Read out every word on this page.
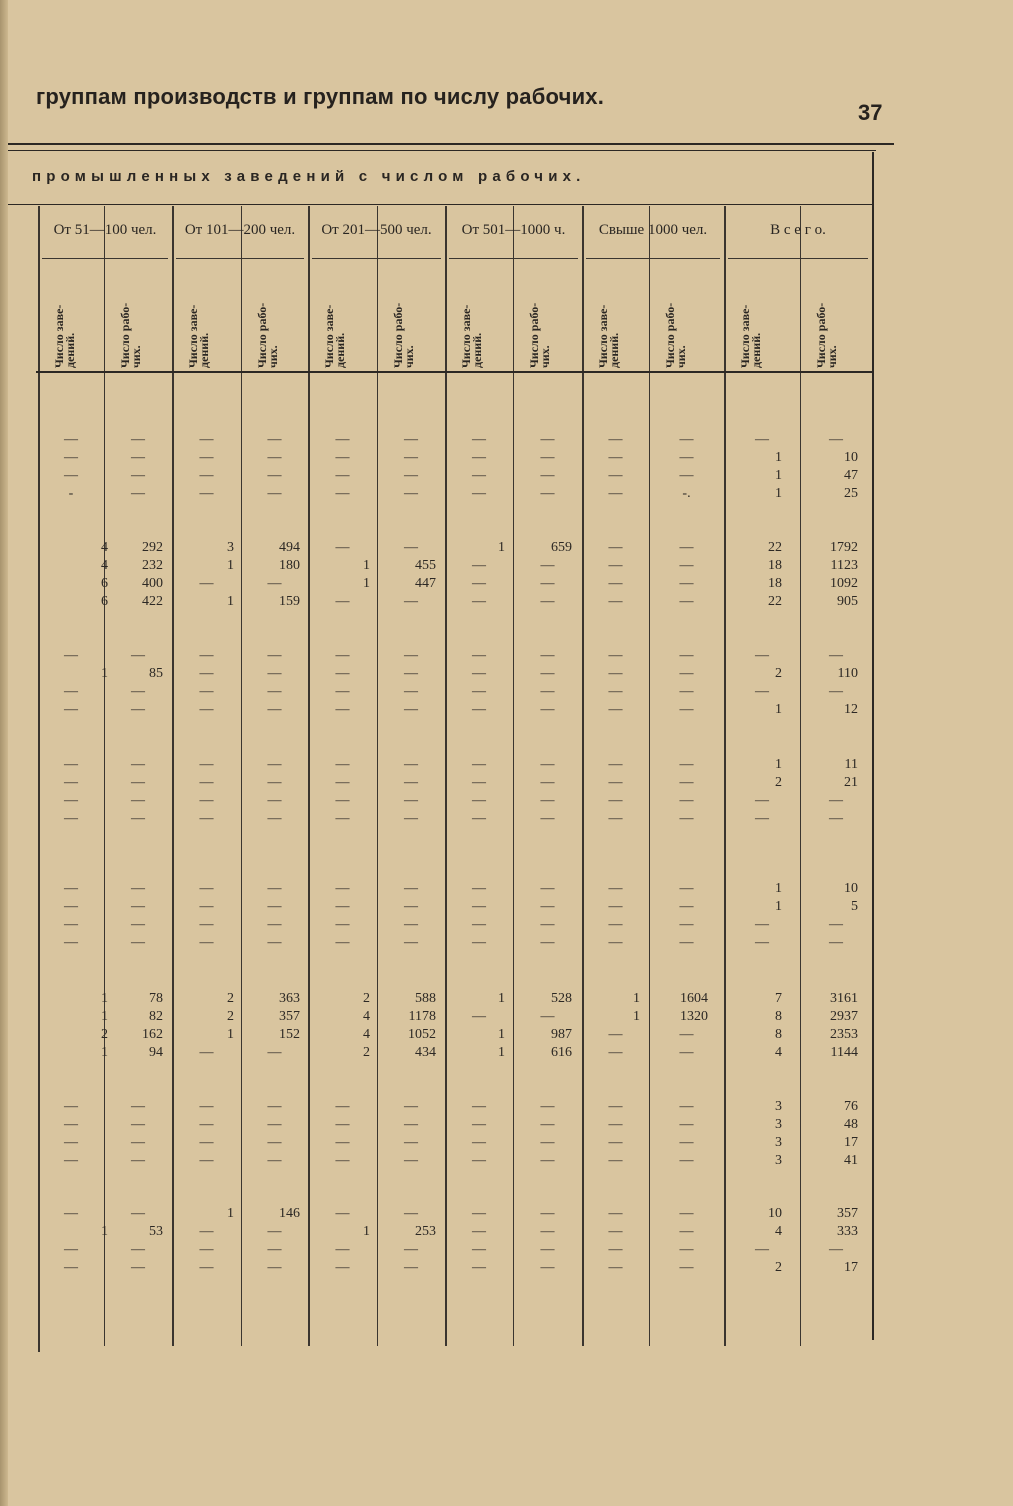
группам производств и группам по числу рабочих.
37
промышленных заведений с числом рабочих.
От 51—100 чел.	От 101—200 чел.	От 201—500 чел.	От 501—1000 ч.	Свыше 1000 чел.	В с е г о.
Число заве-
дений.	Число рабо-
чих.	Число заве-
дений.	Число рабо-
чих.	Число заве-
дений.	Число рабо-
чих.	Число заве-
дений.	Число рабо-
чих.	Число заве-
дений.	Число рабо-
чих.	Число заве-
дений.	Число рабо-
чих.
—	—	—	—	—	—	—	—	—	—	—	—
—	—	—	—	—	—	—	—	—	—	1	10
—	—	—	—	—	—	—	—	—	—	1	47
-	—	—	—	—	—	—	—	—	-.	1	25
4	292	3	494	—	—	1	659	—	—	22	1792
4	232	1	180	1	455	—	—	—	—	18	1123
6	400	—	—	1	447	—	—	—	—	18	1092
6	422	1	159	—	—	—	—	—	—	22	905
—	—	—	—	—	—	—	—	—	—	—	—
1	85	—	—	—	—	—	—	—	—	2	110
—	—	—	—	—	—	—	—	—	—	—	—
—	—	—	—	—	—	—	—	—	—	1	12
—	—	—	—	—	—	—	—	—	—	1	11
—	—	—	—	—	—	—	—	—	—	2	21
—	—	—	—	—	—	—	—	—	—	—	—
—	—	—	—	—	—	—	—	—	—	—	—
—	—	—	—	—	—	—	—	—	—	1	10
—	—	—	—	—	—	—	—	—	—	1	5
—	—	—	—	—	—	—	—	—	—	—	—
—	—	—	—	—	—	—	—	—	—	—	—
1	78	2	363	2	588	1	528	1	1604	7	3161
1	82	2	357	4	1178	—	—	1	1320	8	2937
2	162	1	152	4	1052	1	987	—	—	8	2353
1	94	—	—	2	434	1	616	—	—	4	1144
—	—	—	—	—	—	—	—	—	—	3	76
—	—	—	—	—	—	—	—	—	—	3	48
—	—	—	—	—	—	—	—	—	—	3	17
—	—	—	—	—	—	—	—	—	—	3	41
—	—	1	146	—	—	—	—	—	—	10	357
1	53	—	—	1	253	—	—	—	—	4	333
—	—	—	—	—	—	—	—	—	—	—	—
—	—	—	—	—	—	—	—	—	—	2	17
